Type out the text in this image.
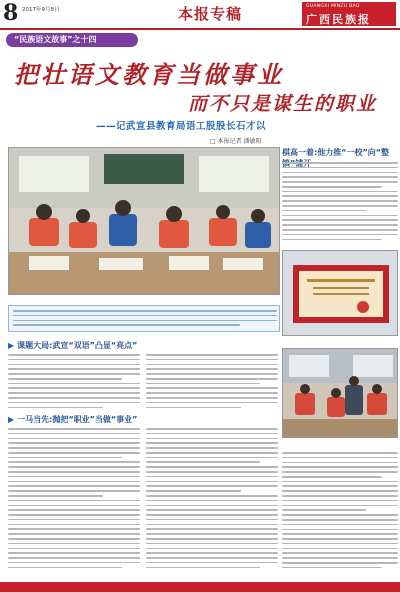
8 2017年9月8日	本报专稿	GUANGXI MINZU BAO
广西民族报
“民族语文故事”之十四
把壮语文教育当做事业
而不只是谋生的职业
——记武宣县教育局语工股股长石才以
□ 本报记者 潘敏阳
棋高一着:他力推“一校”向“整
▶ 课题大局:武宣“双语”凸显“亮点”
▶ 一马当先:抛把“职业”当做“事业”
